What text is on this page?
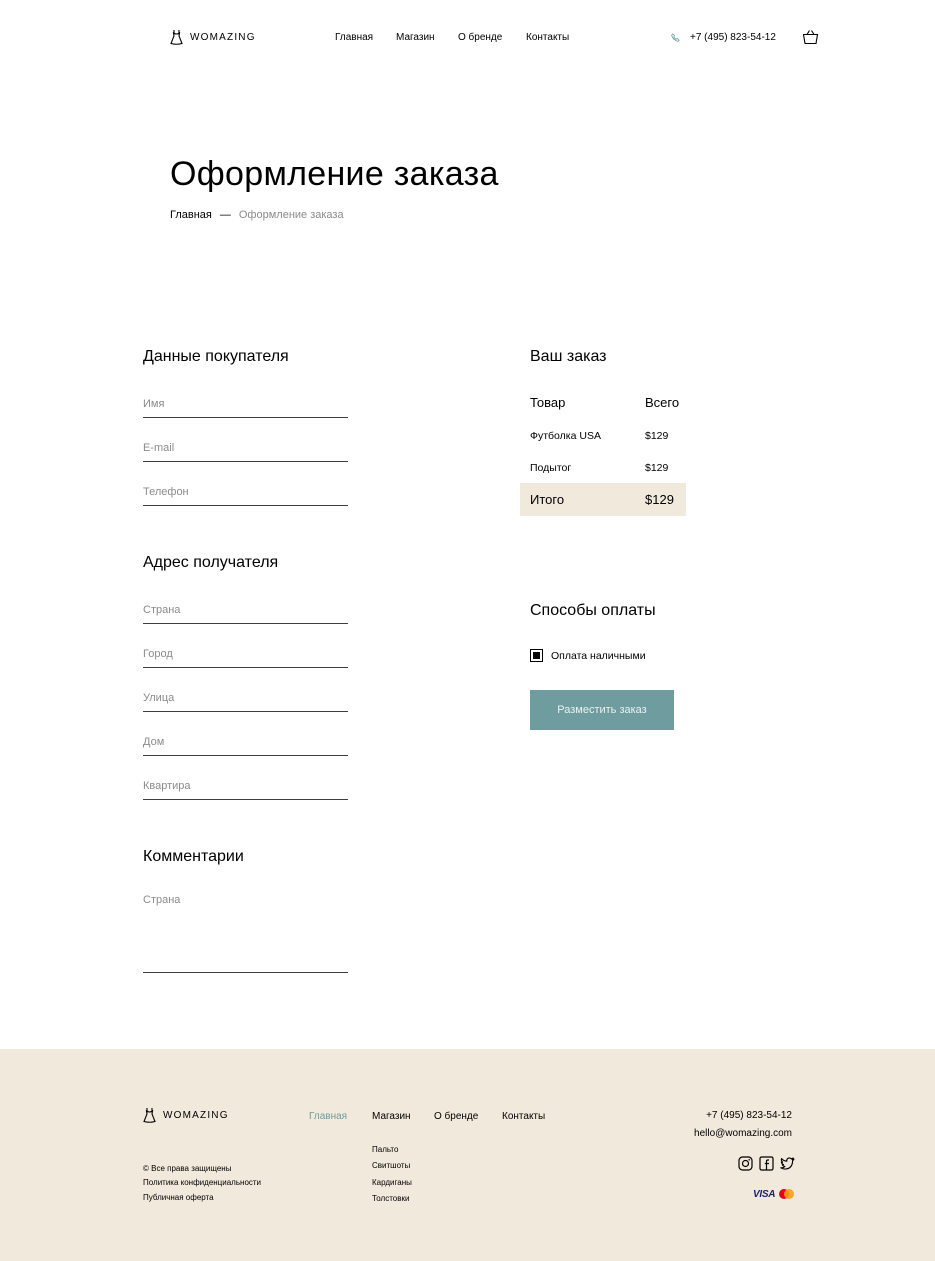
WOMAZING	Главная Магазин О бренде Контакты	+7 (495) 823-54-12
Оформление заказа
Главная — Оформление заказа
Данные покупателя
Имя
E-mail
Телефон
Адрес получателя
Страна
Город
Улица
Дом
Квартира
Комментарии
Страна
Ваш заказ
Товар	Всего
Футболка USA	$129
Подытог	$129
Итого	$129
Способы оплаты
Оплата наличными
Разместить заказ
WOMAZING	Главная Магазин О бренде Контакты
Пальто
Свитшоты
Кардиганы
Толстовки
© Все права защищены
Политика конфиденциальности
Публичная оферта
+7 (495) 823-54-12
hello@womazing.com
VISA
